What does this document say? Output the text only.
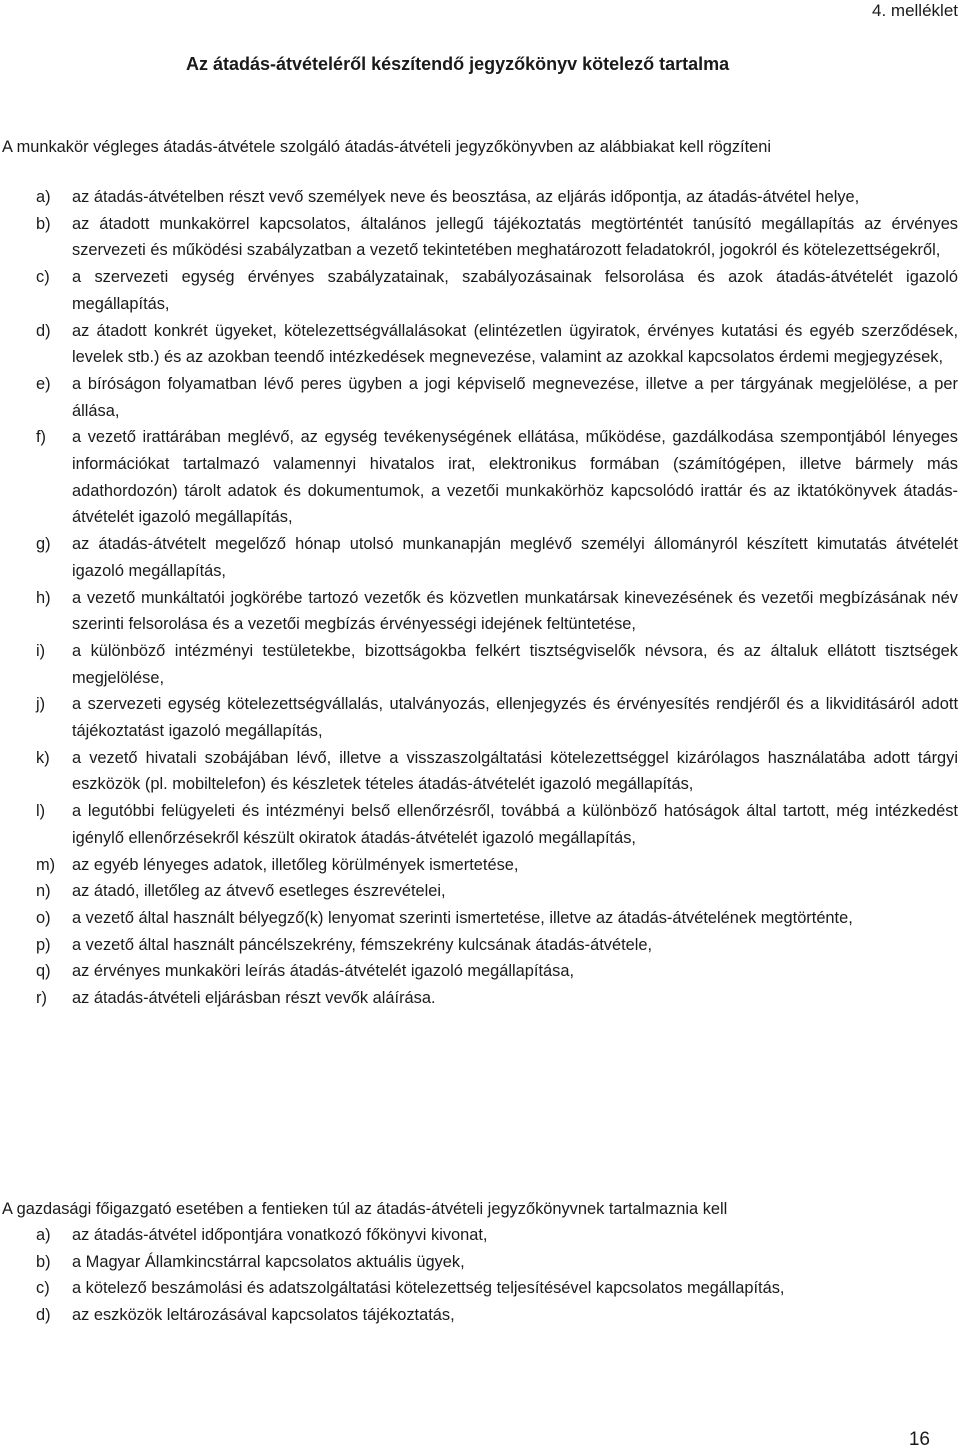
4. melléklet
Az átadás-átvételéről készítendő jegyzőkönyv kötelező tartalma
A munkakör végleges átadás-átvétele szolgáló átadás-átvételi jegyzőkönyvben az alábbiakat kell rögzíteni
a) az átadás-átvételben részt vevő személyek neve és beosztása, az eljárás időpontja, az átadás-átvétel helye,
b) az átadott munkakörrel kapcsolatos, általános jellegű tájékoztatás megtörténtét tanúsító megállapítás az érvényes szervezeti és működési szabályzatban a vezető tekintetében meghatározott feladatokról, jogokról és kötelezettségekről,
c) a szervezeti egység érvényes szabályzatainak, szabályozásainak felsorolása és azok átadás-átvételét igazoló megállapítás,
d) az átadott konkrét ügyeket, kötelezettségvállalásokat (elintézetlen ügyiratok, érvényes kutatási és egyéb szerződések, levelek stb.) és az azokban teendő intézkedések megnevezése, valamint az azokkal kapcsolatos érdemi megjegyzések,
e) a bíróságon folyamatban lévő peres ügyben a jogi képviselő megnevezése, illetve a per tárgyának megjelölése, a per állása,
f) a vezető irattárában meglévő, az egység tevékenységének ellátása, működése, gazdálkodása szempontjából lényeges információkat tartalmazó valamennyi hivatalos irat, elektronikus formában (számítógépen, illetve bármely más adathordozón) tárolt adatok és dokumentumok, a vezetői munkakörhöz kapcsolódó irattár és az iktatókönyvek átadás-átvételét igazoló megállapítás,
g) az átadás-átvételt megelőző hónap utolsó munkanapján meglévő személyi állományról készített kimutatás átvételét igazoló megállapítás,
h) a vezető munkáltatói jogkörébe tartozó vezetők és közvetlen munkatársak kinevezésének és vezetői megbízásának név szerinti felsorolása és a vezetői megbízás érvényességi idejének feltüntetése,
i) a különböző intézményi testületekbe, bizottságokba felkért tisztségviselők névsora, és az általuk ellátott tisztségek megjelölése,
j) a szervezeti egység kötelezettségvállalás, utalványozás, ellenjegyzés és érvényesítés rendjéről és a likviditásáról adott tájékoztatást igazoló megállapítás,
k) a vezető hivatali szobájában lévő, illetve a visszaszolgáltatási kötelezettséggel kizárólagos használatába adott tárgyi eszközök (pl. mobiltelefon) és készletek tételes átadás-átvételét igazoló megállapítás,
l) a legutóbbi felügyeleti és intézményi belső ellenőrzésről, továbbá a különböző hatóságok által tartott, még intézkedést igénylő ellenőrzésekről készült okiratok átadás-átvételét igazoló megállapítás,
m) az egyéb lényeges adatok, illetőleg körülmények ismertetése,
n) az átadó, illetőleg az átvevő esetleges észrevételei,
o) a vezető által használt bélyegző(k) lenyomat szerinti ismertetése, illetve az átadás-átvételének megtörténte,
p) a vezető által használt páncélszekrény, fémszekrény kulcsának átadás-átvétele,
q) az érvényes munkaköri leírás átadás-átvételét igazoló megállapítása,
r) az átadás-átvételi eljárásban részt vevők aláírása.
A gazdasági főigazgató esetében a fentieken túl az átadás-átvételi jegyzőkönyvnek tartalmaznia kell
a) az átadás-átvétel időpontjára vonatkozó főkönyvi kivonat,
b) a Magyar Államkincstárral kapcsolatos aktuális ügyek,
c) a kötelező beszámolási és adatszolgáltatási kötelezettség teljesítésével kapcsolatos megállapítás,
d) az eszközök leltározásával kapcsolatos tájékoztatás,
16
